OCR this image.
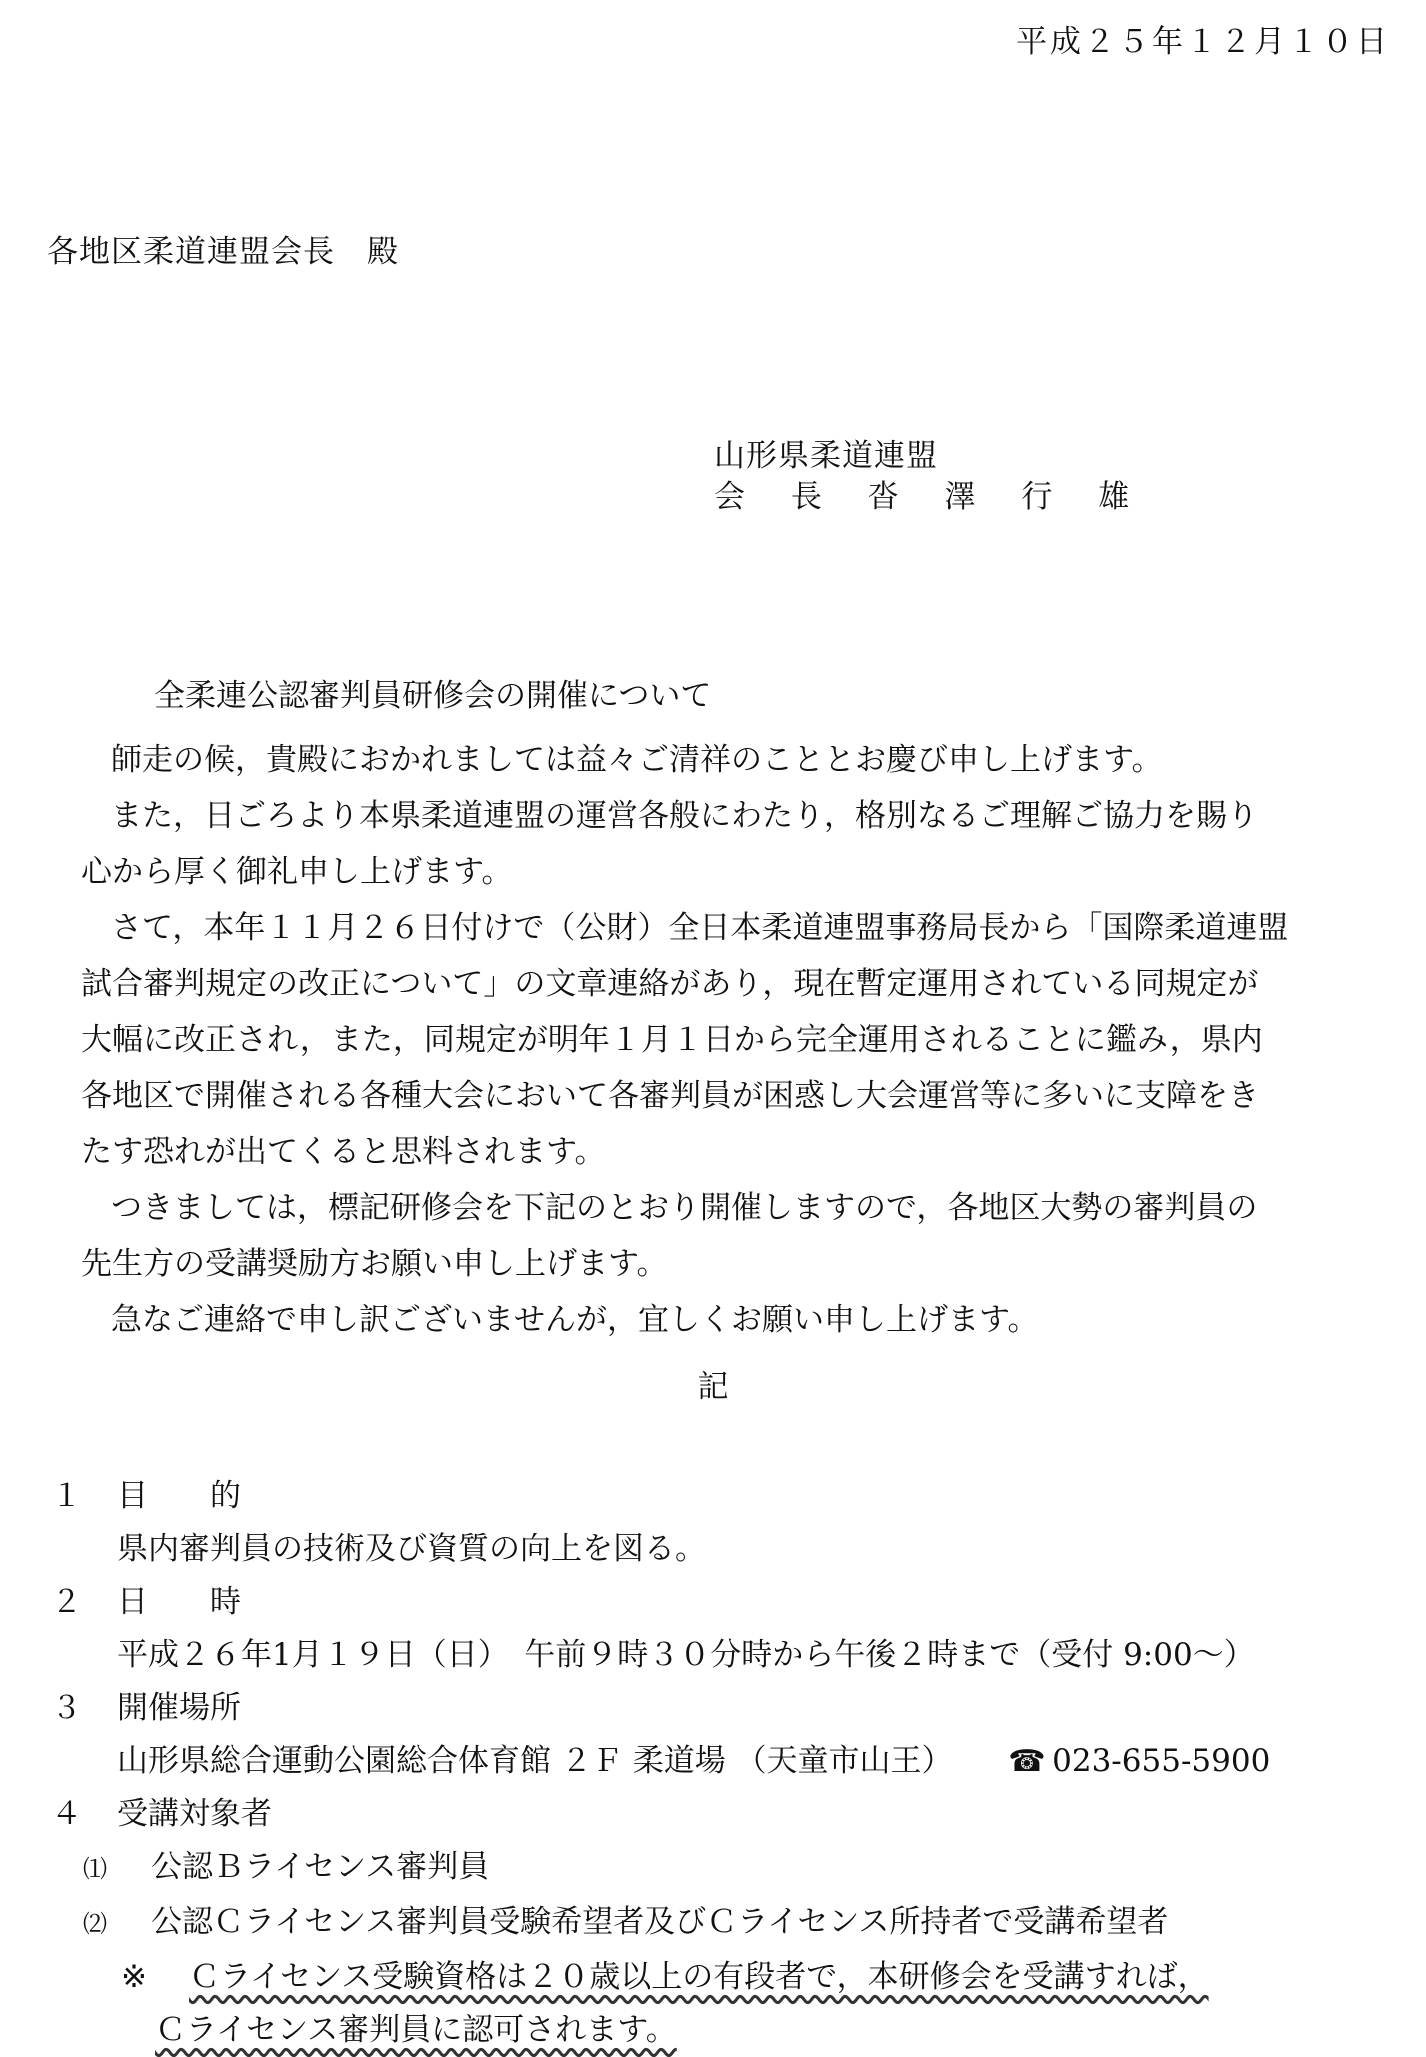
平成２５年１２月１０日
各地区柔道連盟会長　殿
山形県柔道連盟
会 長 沓 澤 行 雄
全柔連公認審判員研修会の開催について

師走の候，貴殿におかれましては益々ご清祥のこととお慶び申し上げます。

また，日ごろより本県柔道連盟の運営各般にわたり，格別なるご理解ご協力を賜り
心から厚く御礼申し上げます。

さて，本年１１月２６日付けで（公財）全日本柔道連盟事務局長から「国際柔道連盟
試合審判規定の改正について」の文章連絡があり，現在暫定運用されている同規定が
大幅に改正され，また，同規定が明年１月１日から完全運用されることに鑑み，県内
各地区で開催される各種大会において各審判員が困惑し大会運営等に多いに支障をき
たす恐れが出てくると思料されます。

つきましては，標記研修会を下記のとおり開催しますので，各地区大勢の審判員の
先生方の受講奨励方お願い申し上げます。

急なご連絡で申し訳ございませんが，宜しくお願い申し上げます。

記
１ 目　　的
県内審判員の技術及び資質の向上を図る。
２ 日　　時
平成２６年1月１９日（日）　午前９時３０分時から午後２時まで（受付 9:00〜）
３ 開催場所
山形県総合運動公園総合体育館 ２Ｆ 柔道場 （天童市山王） ☎ 023-655-5900
４ 受講対象者
⑴ 公認Ｂライセンス審判員
⑵ 公認Ｃライセンス審判員受験希望者及びＣライセンス所持者で受講希望者
※ Ｃライセンス受験資格は２０歳以上の有段者で，本研修会を受講すれば，
Ｃライセンス審判員に認可されます。
